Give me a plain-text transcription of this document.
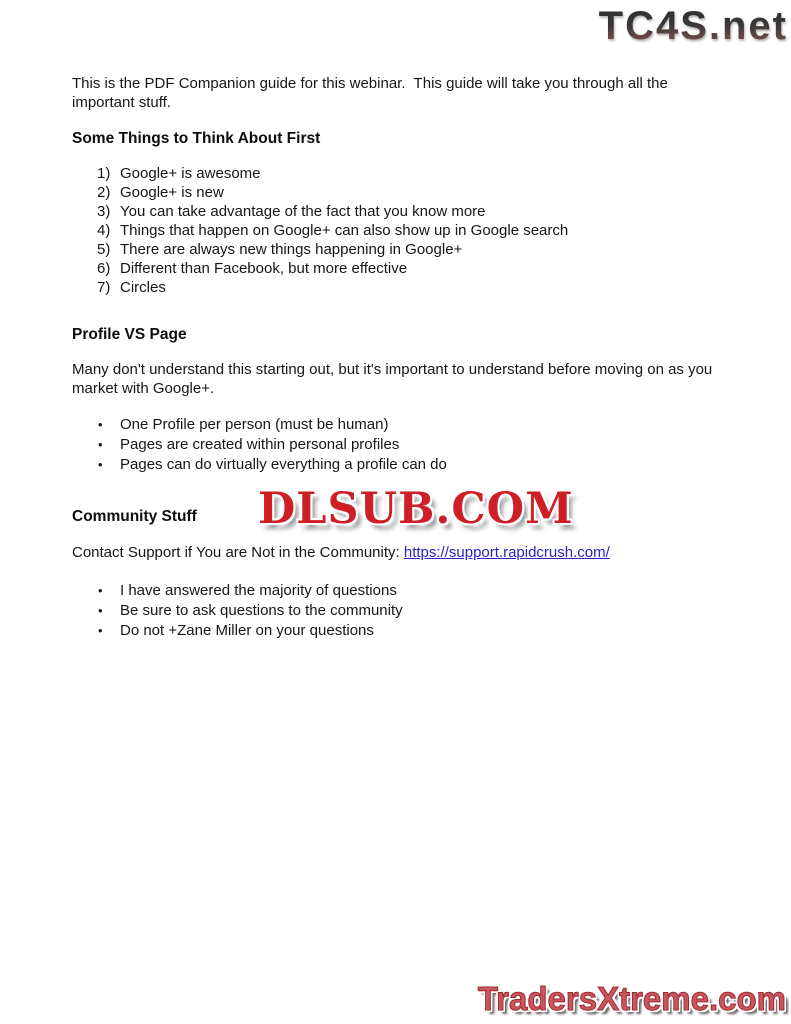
TC4S.net

This is the PDF Companion guide for this webinar.  This guide will take you through all the important stuff.

Some Things to Think About First
1) Google+ is awesome
2) Google+ is new
3) You can take advantage of the fact that you know more
4) Things that happen on Google+ can also show up in Google search
5) There are always new things happening in Google+
6) Different than Facebook, but more effective
7) Circles
Profile VS Page

Many don't understand this starting out, but it's important to understand before moving on as you market with Google+.

•	One Profile per person (must be human)
•	Pages are created within personal profiles
•	Pages can do virtually everything a profile can do
Community Stuff

Contact Support if You are Not in the Community: https://support.rapidcrush.com/

•	I have answered the majority of questions
•	Be sure to ask questions to the community
•	Do not +Zane Miller on your questions
DLSUB.COM
TradersXtreme.com
